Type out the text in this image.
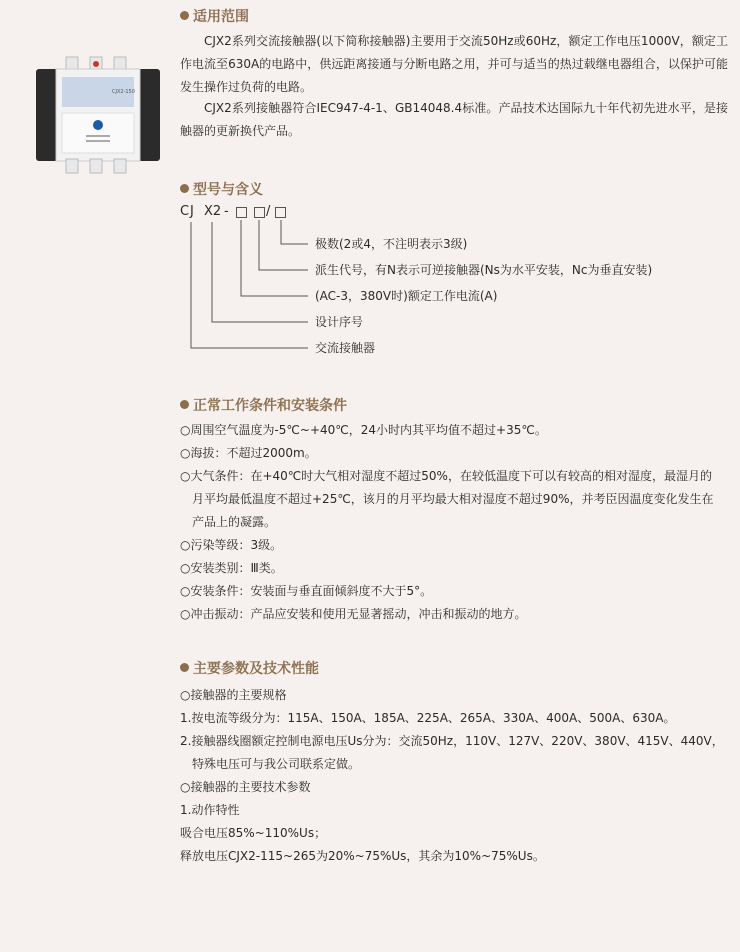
CJX2-150
适用范围
CJX2系列交流接触器(以下简称接触器)主要用于交流50Hz或60Hz，额定工作电压1000V，额定工作电流至630A的电路中，供远距离接通与分断电路之用，并可与适当的热过载继电器组合，以保护可能发生操作过负荷的电路。
CJX2系列接触器符合IEC947-4-1、GB14048.4标准。产品技术达国际九十年代初先进水平，是接触器的更新换代产品。
型号与含义
C J X2 -	/
极数(2或4，不注明表示3级)
派生代号，有N表示可逆接触器(Ns为水平安装，Nc为垂直安装)
(AC-3，380V时)额定工作电流(A)
设计序号
交流接触器
正常工作条件和安装条件
○周围空气温度为-5℃~+40℃，24小时内其平均值不超过+35℃。
○海拔：不超过2000m。
○大气条件：在+40℃时大气相对湿度不超过50%，在较低温度下可以有较高的相对湿度，最湿月的
月平均最低温度不超过+25℃，该月的月平均最大相对湿度不超过90%，并考臣因温度变化发生在
产品上的凝露。
○污染等级：3级。
○安装类别：Ⅲ类。
○安装条件：安装面与垂直面倾斜度不大于5°。
○冲击振动：产品应安装和使用无显著摇动，冲击和振动的地方。
主要参数及技术性能
○接触器的主要规格
1.按电流等级分为：115A、150A、185A、225A、265A、330A、400A、500A、630A。
2.接触器线圈额定控制电源电压Us分为：交流50Hz，110V、127V、220V、380V、415V、440V，
特殊电压可与我公司联系定做。
○接触器的主要技术参数
1.动作特性
吸合电压85%~110%Us；
释放电压CJX2-115~265为20%~75%Us，其余为10%~75%Us。
